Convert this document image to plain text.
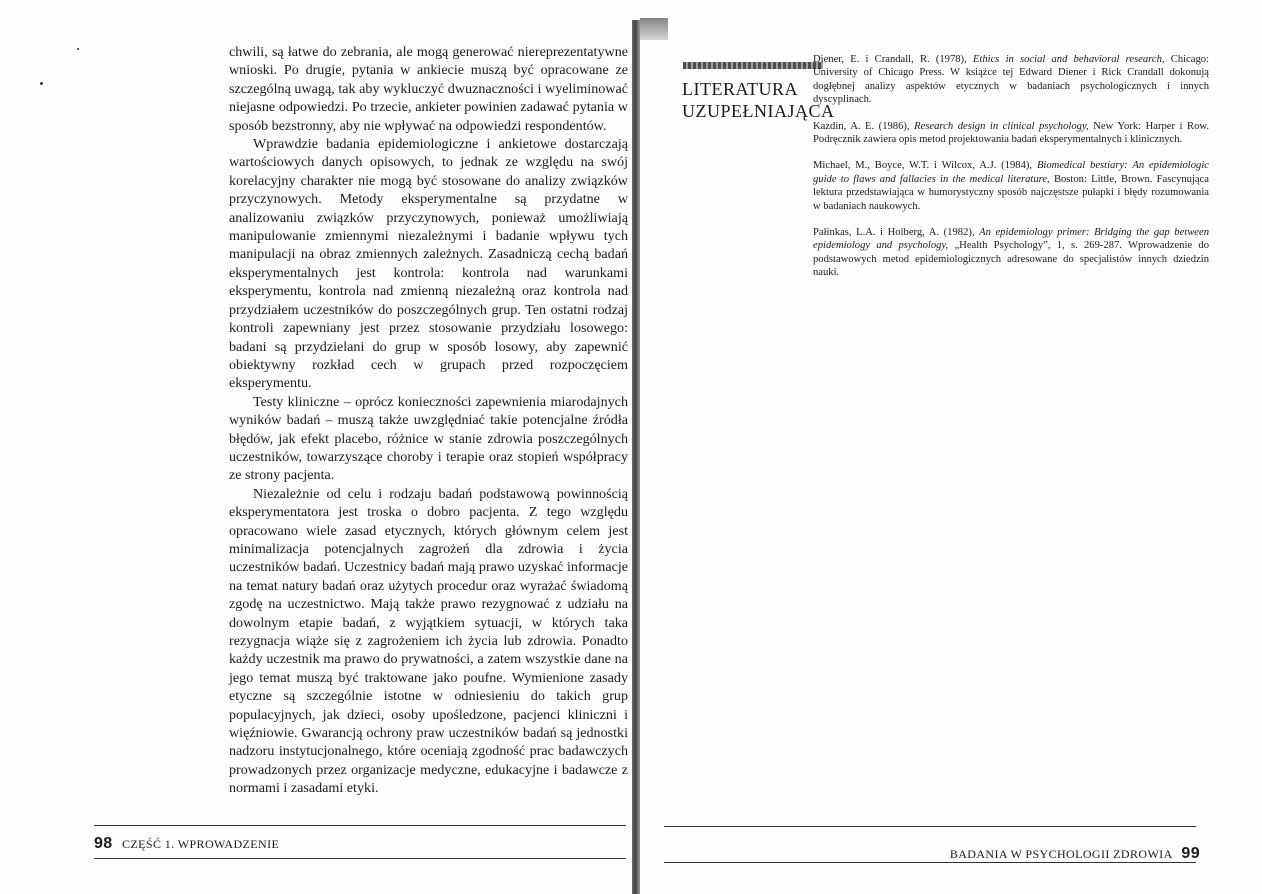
chwili, są łatwe do zebrania, ale mogą generować niereprezentatywne wnioski. Po drugie, pytania w ankiecie muszą być opracowane ze szczególną uwagą, tak aby wykluczyć dwuznaczności i wyeliminować niejasne odpowiedzi. Po trzecie, ankieter powinien zadawać pytania w sposób bezstronny, aby nie wpływać na odpowiedzi respondentów.

Wprawdzie badania epidemiologiczne i ankietowe dostarczają wartościowych danych opisowych, to jednak ze względu na swój korelacyjny charakter nie mogą być stosowane do analizy związków przyczynowych. Metody eksperymentalne są przydatne w analizowaniu związków przyczynowych, ponieważ umożliwiają manipulowanie zmiennymi niezależnymi i badanie wpływu tych manipulacji na obraz zmiennych zależnych. Zasadniczą cechą badań eksperymentalnych jest kontrola: kontrola nad warunkami eksperymentu, kontrola nad zmienną niezależną oraz kontrola nad przydziałem uczestników do poszczególnych grup. Ten ostatni rodzaj kontroli zapewniany jest przez stosowanie przydziału losowego: badani są przydzielani do grup w sposób losowy, aby zapewnić obiektywny rozkład cech w grupach przed rozpoczęciem eksperymentu.

Testy kliniczne – oprócz konieczności zapewnienia miarodajnych wyników badań – muszą także uwzględniać takie potencjalne źródła błędów, jak efekt placebo, różnice w stanie zdrowia poszczególnych uczestników, towarzyszące choroby i terapie oraz stopień współpracy ze strony pacjenta.

Niezależnie od celu i rodzaju badań podstawową powinnością eksperymentatora jest troska o dobro pacjenta. Z tego względu opracowano wiele zasad etycznych, których głównym celem jest minimalizacja potencjalnych zagrożeń dla zdrowia i życia uczestników badań. Uczestnicy badań mają prawo uzyskać informacje na temat natury badań oraz użytych procedur oraz wyrażać świadomą zgodę na uczestnictwo. Mają także prawo rezygnować z udziału na dowolnym etapie badań, z wyjątkiem sytuacji, w których taka rezygnacja wiąże się z zagrożeniem ich życia lub zdrowia. Ponadto każdy uczestnik ma prawo do prywatności, a zatem wszystkie dane na jego temat muszą być traktowane jako poufne. Wymienione zasady etyczne są szczególnie istotne w odniesieniu do takich grup populacyjnych, jak dzieci, osoby upośledzone, pacjenci kliniczni i więźniowie. Gwarancją ochrony praw uczestników badań są jednostki nadzoru instytucjonalnego, które oceniają zgodność prac badawczych prowadzonych przez organizacje medyczne, edukacyjne i badawcze z normami i zasadami etyki.

98 CZĘŚĆ 1. WPROWADZENIE
LITERATURA
UZUPEŁNIAJĄCA
Diener, E. i Crandall, R. (1978), Ethics in social and behavioral research, Chicago: University of Chicago Press. W książce tej Edward Diener i Rick Crandall dokonują dogłębnej analizy aspektów etycznych w badaniach psychologicznych i innych dyscyplinach.
Kazdin, A. E. (1986), Research design in clinical psychology, New York: Harper i Row. Podręcznik zawiera opis metod projektowania badań eksperymentalnych i klinicznych.
Michael, M., Boyce, W.T. i Wilcox, A.J. (1984), Biomedical bestiary: An epidemiologic guide to flaws and fallacies in the medical literature, Boston: Little, Brown. Fascynująca lektura przedstawiająca w humorystyczny sposób najczęstsze pułapki i błędy rozumowania w badaniach naukowych.
Pałinkas, L.A. i Hoiberg, A. (1982), An epidemiology primer: Bridging the gap between epidemiology and psychology, „Health Psychology”, 1, s. 269-287. Wprowadzenie do podstawowych metod epidemiologicznych adresowane do specjalistów innych dziedzin nauki.
BADANIA W PSYCHOLOGII ZDROWIA 99
